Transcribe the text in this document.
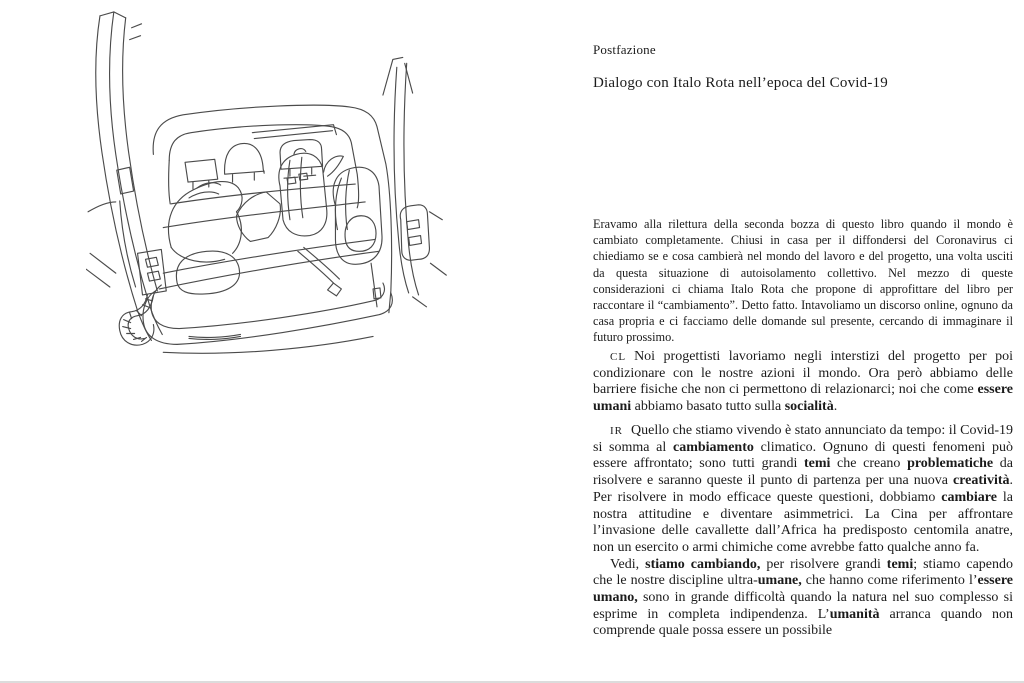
Postfazione
Dialogo con Italo Rota nell’epoca del Covid-19
Eravamo alla rilettura della seconda bozza di questo libro quando il mondo è cambiato completamente. Chiusi in casa per il diffondersi del Coronavirus ci chiediamo se e cosa cambierà nel mondo del lavoro e del progetto, una volta usciti da questa situazione di autoisolamento collettivo. Nel mezzo di queste considerazioni ci chiama Italo Rota che propone di approfittare del libro per raccontare il “cambiamento”. Detto fatto. Intavoliamo un discorso online, ognuno da casa propria e ci facciamo delle domande sul presente, cercando di immaginare il futuro prossimo.

CL Noi progettisti lavoriamo negli interstizi del progetto per poi condizionare con le nostre azioni il mondo. Ora però abbiamo delle barriere fisiche che non ci permettono di relazionarci; noi che come essere umani abbiamo basato tutto sulla socialità.

IR Quello che stiamo vivendo è stato annunciato da tempo: il Covid-19 si somma al cambiamento climatico. Ognuno di questi fenomeni può essere affrontato; sono tutti grandi temi che creano problematiche da risolvere e saranno queste il punto di partenza per una nuova creatività. Per risolvere in modo efficace queste questioni, dobbiamo cambiare la nostra attitudine e diventare asimmetrici. La Cina per affrontare l’invasione delle cavallette dall’Africa ha predisposto centomila anatre, non un esercito o armi chimiche come avrebbe fatto qualche anno fa.

Vedi, stiamo cambiando, per risolvere grandi temi; stiamo capendo che le nostre discipline ultra-umane, che hanno come riferimento l’essere umano, sono in grande difficoltà quando la natura nel suo complesso si esprime in completa indipendenza. L’umanità arranca quando non comprende quale possa essere un possibile
